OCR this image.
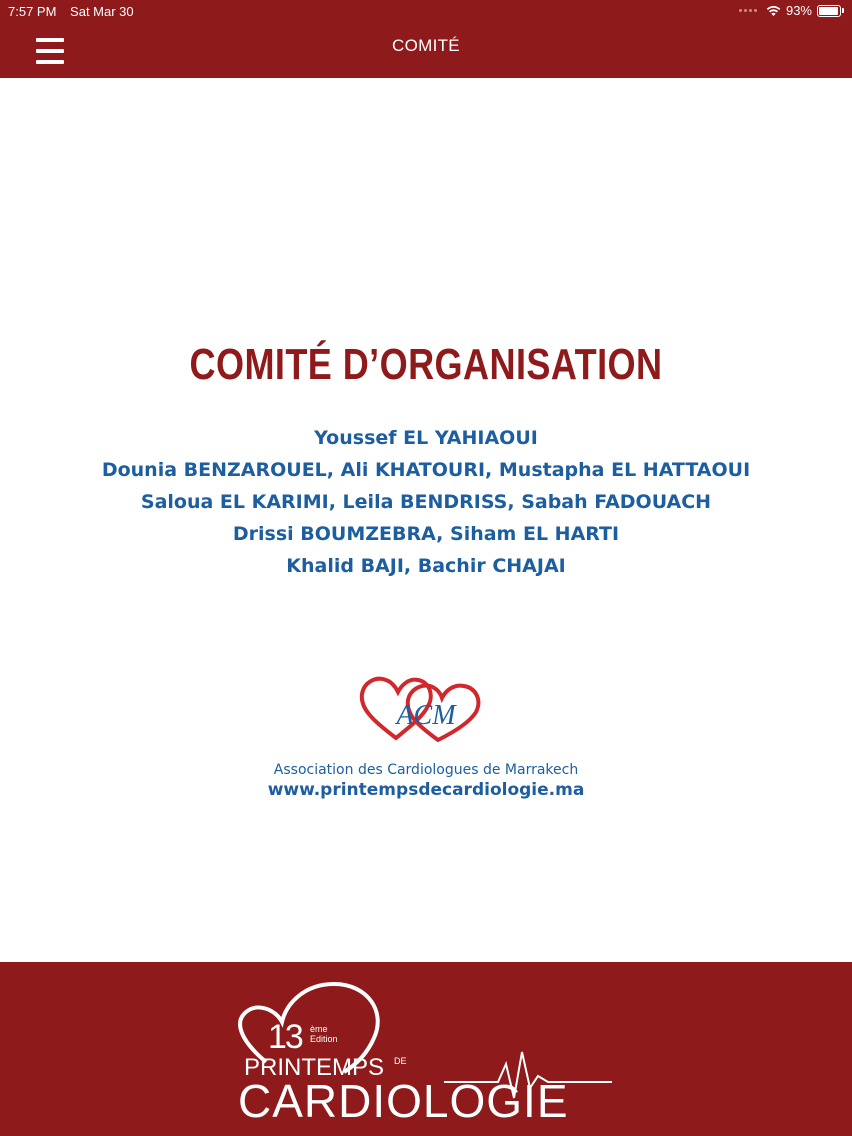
7:57 PM Sat Mar 30	93%
COMITÉ
COMITÉ D’ORGANISATION
Youssef EL YAHIAOUI
Dounia BENZAROUEL, Ali KHATOURI, Mustapha EL HATTAOUI
Saloua EL KARIMI, Leila BENDRISS, Sabah FADOUACH
Drissi BOUMZEBRA, Siham EL HARTI
Khalid BAJI, Bachir CHAJAI
ACM
Association des Cardiologues de Marrakech
www.printempsdecardiologie.ma
13 ème
Edition
PRINTEMPS DE
CARDIOLOGIE
